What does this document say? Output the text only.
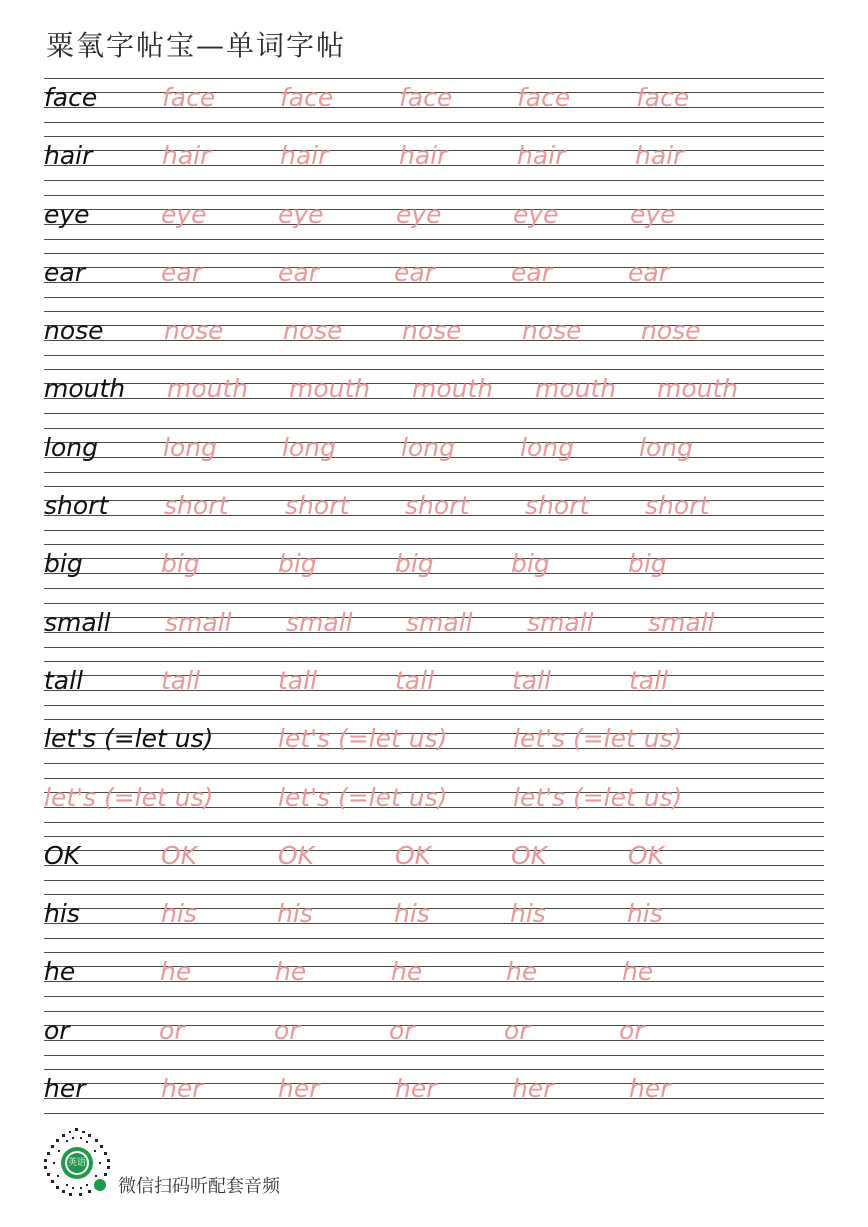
粟氧字帖宝—单词字帖
face	face	face	face	face	face
hair	hair	hair	hair	hair	hair
eye	eye	eye	eye	eye	eye
ear	ear	ear	ear	ear	ear
nose nose nose nose nose nose
mouth mouth mouth mouth mouth mouth
long	long	long	long	long	long
short short short short short short
big	big	big	big	big	big
small small small small small small
tall	tall	tall	tall	tall	tall
let's (=let us)	let's (=let us)	let's (=let us)
let's (=let us)	let's (=let us)	let's (=let us)
OK	OK	OK	OK	OK	OK
his	his	his	his	his	his
he	he	he	he	he	he
or	or	or	or	or	or
her	her	her	her	her	her
英语
微信扫码听配套音频
